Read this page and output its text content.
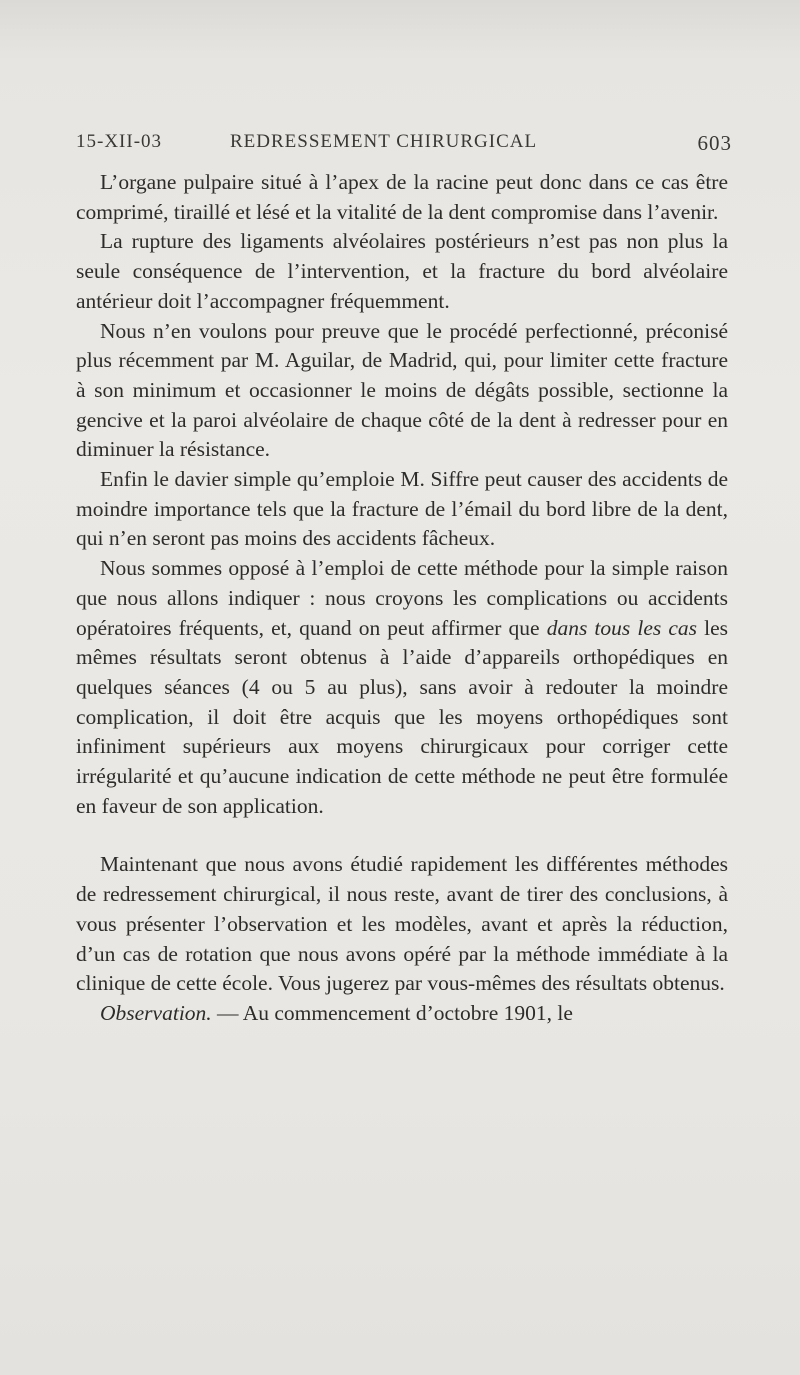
15-XII-03	REDRESSEMENT CHIRURGICAL	603

L’organe pulpaire situé à l’apex de la racine peut donc dans ce cas être comprimé, tiraillé et lésé et la vitalité de la dent compromise dans l’avenir.

La rupture des ligaments alvéolaires postérieurs n’est pas non plus la seule conséquence de l’intervention, et la fracture du bord alvéolaire antérieur doit l’accompagner fréquemment.

Nous n’en voulons pour preuve que le procédé perfectionné, préconisé plus récemment par M. Aguilar, de Madrid, qui, pour limiter cette fracture à son minimum et occasionner le moins de dégâts possible, sectionne la gencive et la paroi alvéolaire de chaque côté de la dent à redresser pour en diminuer la résistance.

Enfin le davier simple qu’emploie M. Siffre peut causer des accidents de moindre importance tels que la fracture de l’émail du bord libre de la dent, qui n’en seront pas moins des accidents fâcheux.

Nous sommes opposé à l’emploi de cette méthode pour la simple raison que nous allons indiquer : nous croyons les complications ou accidents opératoires fréquents, et, quand on peut affirmer que dans tous les cas les mêmes résultats seront obtenus à l’aide d’appareils orthopédiques en quelques séances (4 ou 5 au plus), sans avoir à redouter la moindre complication, il doit être acquis que les moyens orthopédiques sont infiniment supérieurs aux moyens chirurgicaux pour corriger cette irrégularité et qu’aucune indication de cette méthode ne peut être formulée en faveur de son application.

Maintenant que nous avons étudié rapidement les différentes méthodes de redressement chirurgical, il nous reste, avant de tirer des conclusions, à vous présenter l’observation et les modèles, avant et après la réduction, d’un cas de rotation que nous avons opéré par la méthode immédiate à la clinique de cette école. Vous jugerez par vous-mêmes des résultats obtenus.

Observation. — Au commencement d’octobre 1901, le
